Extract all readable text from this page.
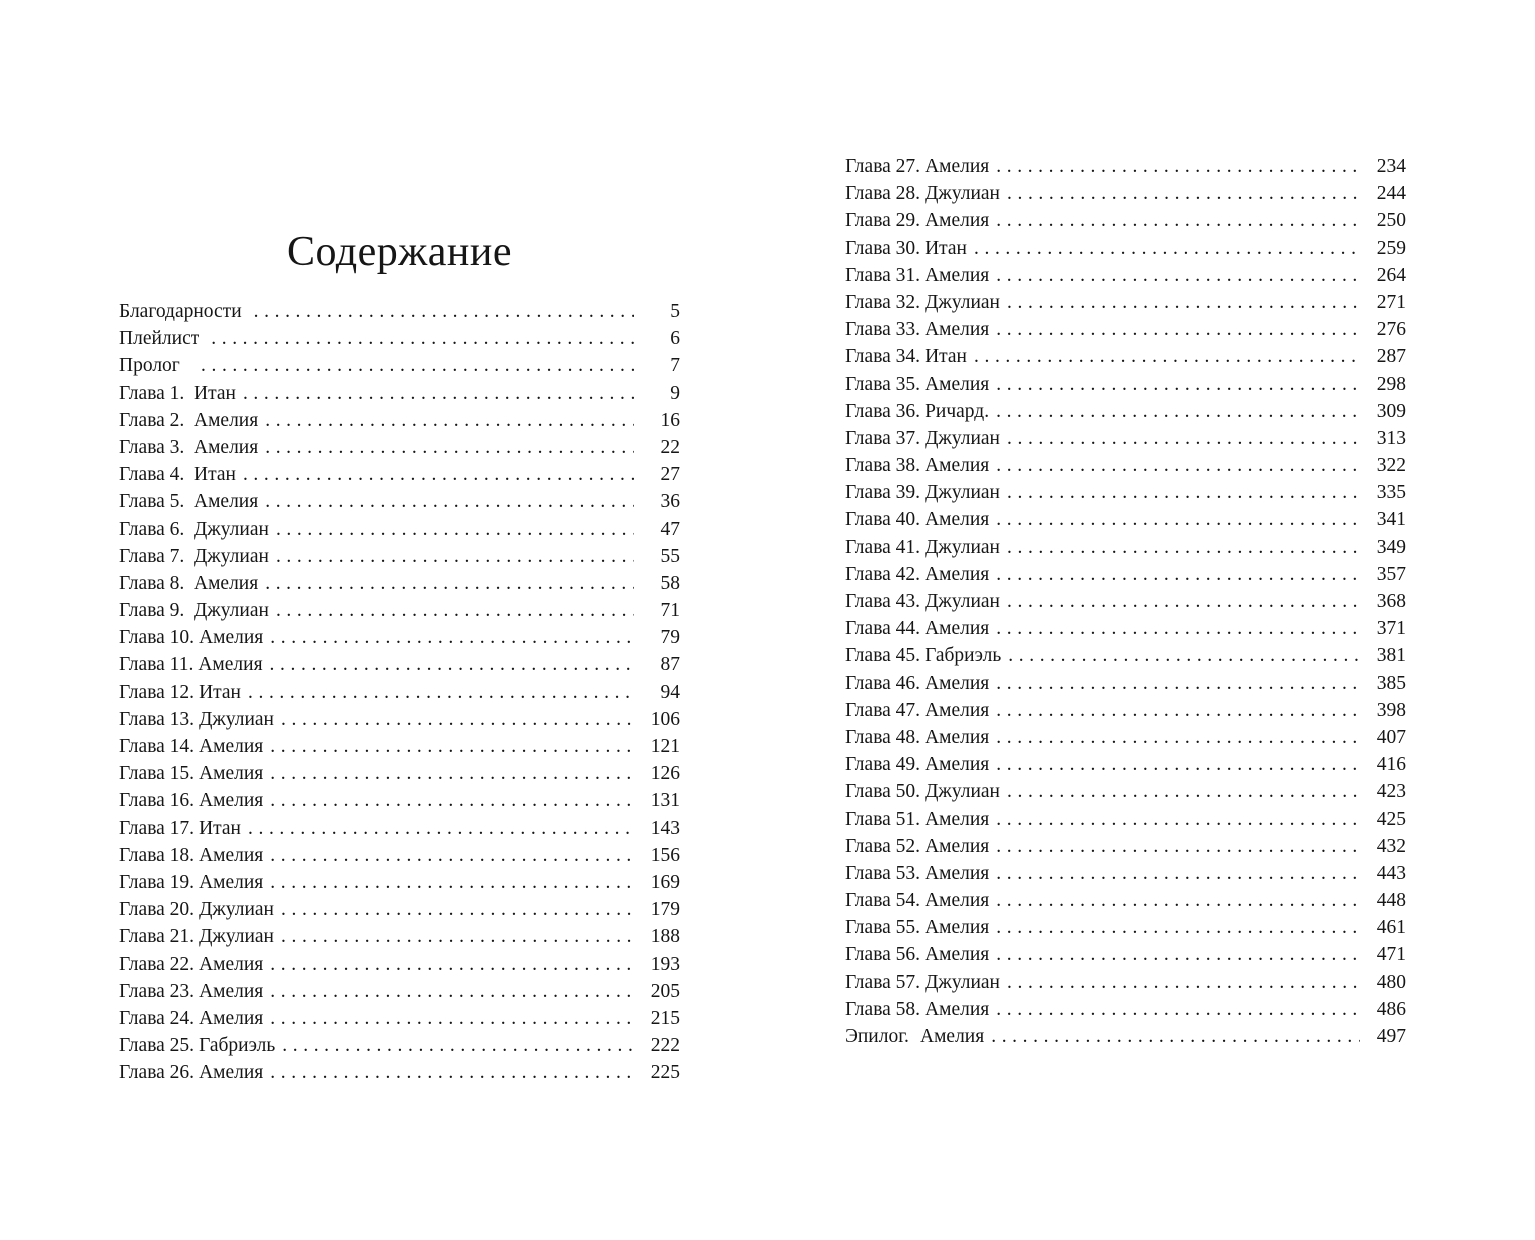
Содержание
Благодарности .....	5
Плейлист .....	6
Пролог .....	7
Глава 1. Итан .....	9
Глава 2. Амелия .....	16
Глава 3. Амелия .....	22
Глава 4. Итан .....	27
Глава 5. Амелия .....	36
Глава 6. Джулиан .....	47
Глава 7. Джулиан .....	55
Глава 8. Амелия .....	58
Глава 9. Джулиан .....	71
Глава 10. Амелия .....	79
Глава 11. Амелия .....	87
Глава 12. Итан .....	94
Глава 13. Джулиан .....	106
Глава 14. Амелия .....	121
Глава 15. Амелия .....	126
Глава 16. Амелия .....	131
Глава 17. Итан .....	143
Глава 18. Амелия .....	156
Глава 19. Амелия .....	169
Глава 20. Джулиан .....	179
Глава 21. Джулиан .....	188
Глава 22. Амелия .....	193
Глава 23. Амелия .....	205
Глава 24. Амелия .....	215
Глава 25. Габриэль .....	222
Глава 26. Амелия .....	225
Глава 27. Амелия .....	234
Глава 28. Джулиан .....	244
Глава 29. Амелия .....	250
Глава 30. Итан .....	259
Глава 31. Амелия .....	264
Глава 32. Джулиан .....	271
Глава 33. Амелия .....	276
Глава 34. Итан .....	287
Глава 35. Амелия .....	298
Глава 36. Ричард. .....	309
Глава 37. Джулиан .....	313
Глава 38. Амелия .....	322
Глава 39. Джулиан .....	335
Глава 40. Амелия .....	341
Глава 41. Джулиан .....	349
Глава 42. Амелия .....	357
Глава 43. Джулиан .....	368
Глава 44. Амелия .....	371
Глава 45. Габриэль .....	381
Глава 46. Амелия .....	385
Глава 47. Амелия .....	398
Глава 48. Амелия .....	407
Глава 49. Амелия .....	416
Глава 50. Джулиан .....	423
Глава 51. Амелия .....	425
Глава 52. Амелия .....	432
Глава 53. Амелия .....	443
Глава 54. Амелия .....	448
Глава 55. Амелия .....	461
Глава 56. Амелия .....	471
Глава 57. Джулиан .....	480
Глава 58. Амелия .....	486
Эпилог. Амелия .....	497
